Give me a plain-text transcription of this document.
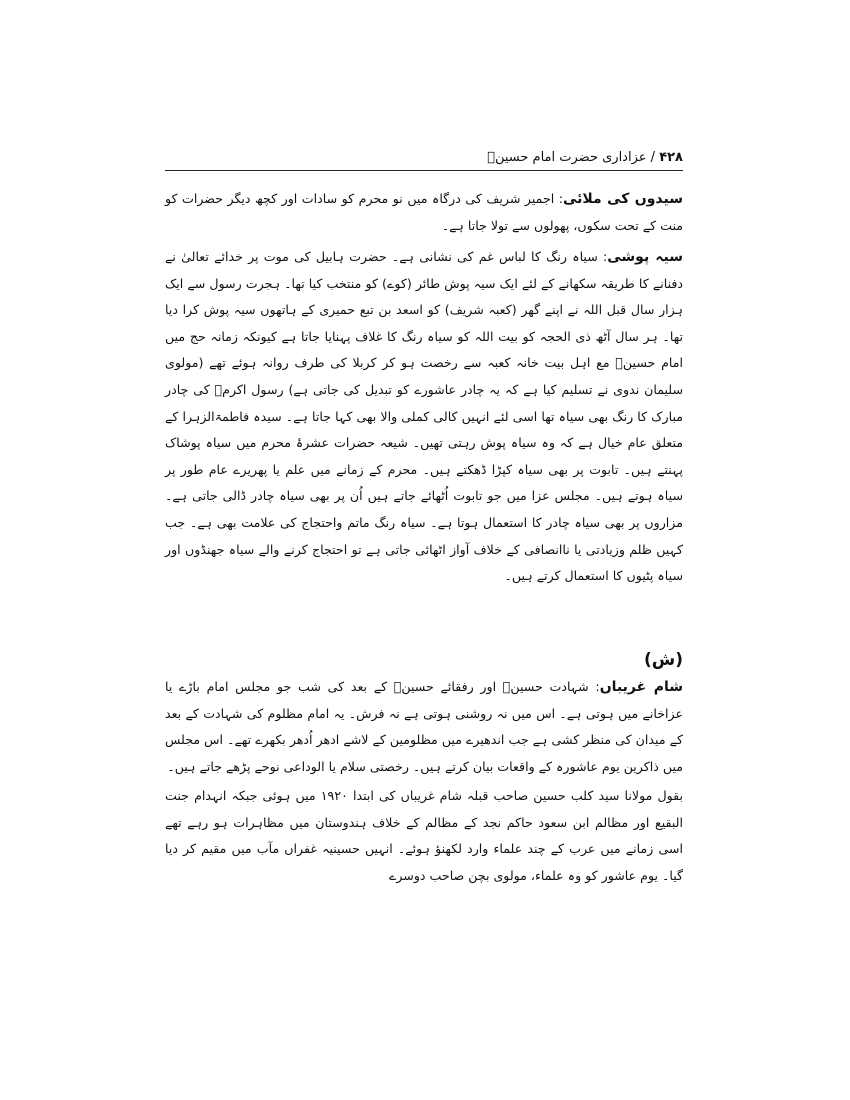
۴۲۸ / عزاداری حضرت امام حسینؑ

سیدوں کی ملائی: اجمیر شریف کی درگاہ میں نو محرم کو سادات اور کچھ دیگر حضرات کو منت کے تحت سکوں، پھولوں سے تولا جاتا ہے۔

سیہ پوشی: سیاہ رنگ کا لباس غم کی نشانی ہے۔ حضرت ہابیل کی موت پر خدائے تعالیٰ نے دفنانے کا طریقہ سکھانے کے لئے ایک سیہ پوش طائر (کوے) کو منتخب کیا تھا۔ ہجرت رسول سے ایک ہزار سال قبل اللہ نے اپنے گھر (کعبہ شریف) کو اسعد بن تبع حمیری کے ہاتھوں سیہ پوش کرا دیا تھا۔ ہر سال آٹھ ذی الحجہ کو بیت اللہ کو سیاہ رنگ کا غلاف پہنایا جاتا ہے کیونکہ زمانہ حج میں امام حسینؑ مع اہل بیت خانہ کعبہ سے رخصت ہو کر کربلا کی طرف روانہ ہوئے تھے (مولوی سلیمان ندوی نے تسلیم کیا ہے کہ یہ چادر عاشورے کو تبدیل کی جاتی ہے) رسول اکرمؐ کی چادر مبارک کا رنگ بھی سیاہ تھا اسی لئے انہیں کالی کملی والا بھی کہا جاتا ہے۔ سیدہ فاطمۃالزہرا کے متعلق عام خیال ہے کہ وہ سیاہ پوش رہتی تھیں۔ شیعہ حضرات عشرۂ محرم میں سیاہ پوشاک پہنتے ہیں۔ تابوت پر بھی سیاہ کپڑا ڈھکتے ہیں۔ محرم کے زمانے میں علم یا پھریرے عام طور پر سیاہ ہوتے ہیں۔ مجلس عزا میں جو تابوت اُٹھائے جاتے ہیں اُن پر بھی سیاہ چادر ڈالی جاتی ہے۔ مزاروں پر بھی سیاہ چادر کا استعمال ہوتا ہے۔ سیاہ رنگ ماتم واحتجاج کی علامت بھی ہے۔ جب کہیں ظلم وزیادتی یا ناانصافی کے خلاف آواز اٹھائی جاتی ہے تو احتجاج کرنے والے سیاہ جھنڈوں اور سیاہ پٹیوں کا استعمال کرتے ہیں۔

(ش)

شام غریباں: شہادت حسینؑ اور رفقائے حسینؑ کے بعد کی شب جو مجلس امام باڑے یا عزاخانے میں ہوتی ہے۔ اس میں نہ روشنی ہوتی ہے نہ فرش۔ یہ امام مظلوم کی شہادت کے بعد کے میدان کی منظر کشی ہے جب اندھیرے میں مظلومین کے لاشے ادھر اُدھر بکھرے تھے۔ اس مجلس میں ذاکرین یوم عاشورہ کے واقعات بیان کرتے ہیں۔ رخصتی سلام یا الوداعی نوحے پڑھے جاتے ہیں۔

بقول مولانا سید کلب حسین صاحب قبلہ شام غریباں کی ابتدا ۱۹۲۰ میں ہوئی جبکہ انہدام جنت البقیع اور مظالم ابن سعود حاکم نجد کے مظالم کے خلاف ہندوستان میں مظاہرات ہو رہے تھے اسی زمانے میں عرب کے چند علماء وارد لکھنؤ ہوئے۔ انہیں حسینیہ غفراں مآب میں مقیم کر دیا گیا۔ یوم عاشور کو وہ علماء، مولوی بچن صاحب دوسرے
